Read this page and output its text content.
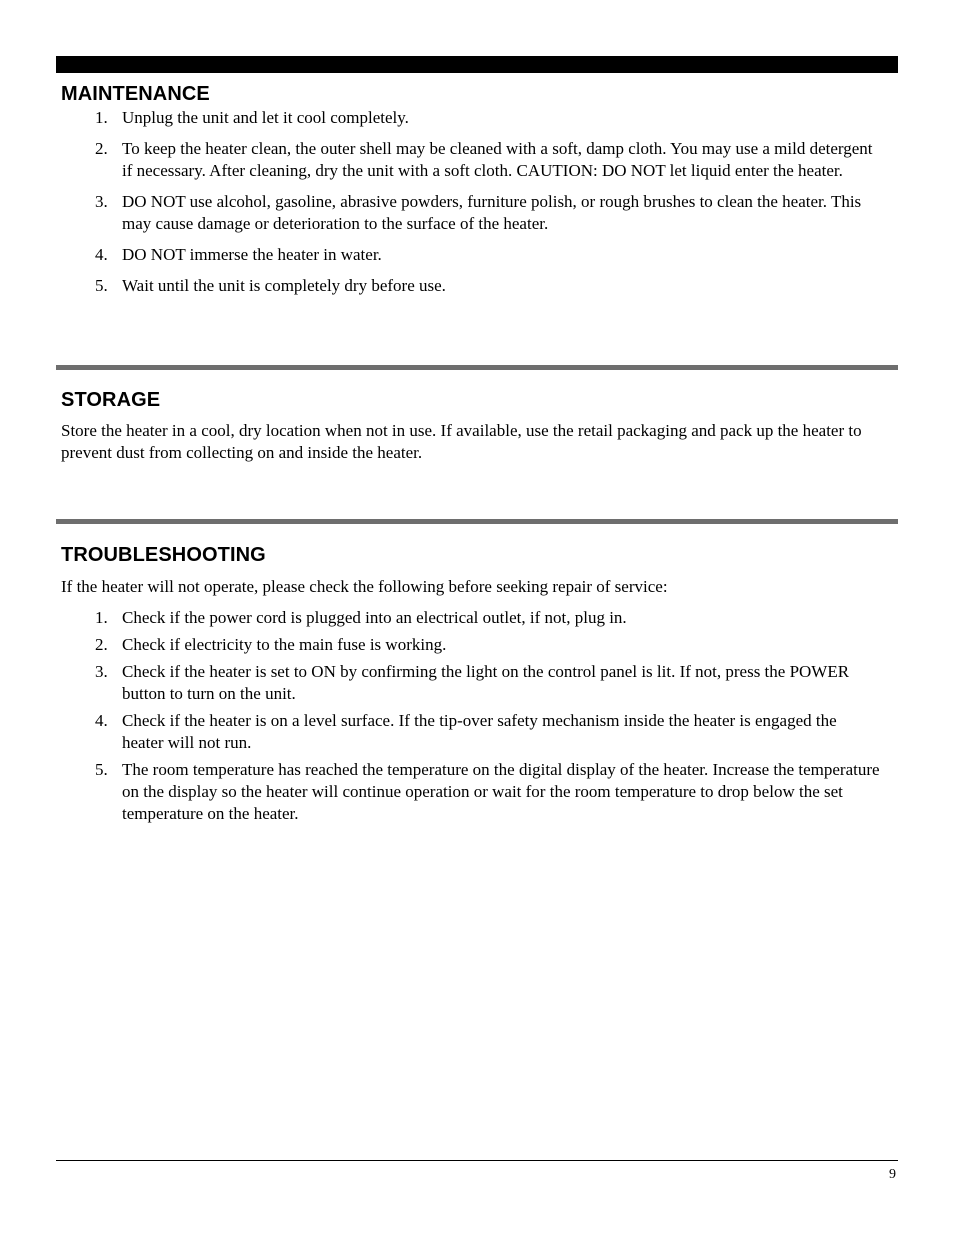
MAINTENANCE
1. Unplug the unit and let it cool completely.
2. To keep the heater clean, the outer shell may be cleaned with a soft, damp cloth. You may use a mild detergent if necessary. After cleaning, dry the unit with a soft cloth. CAUTION: DO NOT let liquid enter the heater.
3. DO NOT use alcohol, gasoline, abrasive powders, furniture polish, or rough brushes to clean the heater. This may cause damage or deterioration to the surface of the heater.
4. DO NOT immerse the heater in water.
5. Wait until the unit is completely dry before use.
STORAGE

Store the heater in a cool, dry location when not in use. If available, use the retail packaging and pack up the heater to prevent dust from collecting on and inside the heater.

TROUBLESHOOTING

If the heater will not operate, please check the following before seeking repair of service:

1. Check if the power cord is plugged into an electrical outlet, if not, plug in.
2. Check if electricity to the main fuse is working.
3. Check if the heater is set to ON by confirming the light on the control panel is lit. If not, press the POWER button to turn on the unit.
4. Check if the heater is on a level surface. If the tip-over safety mechanism inside the heater is engaged the heater will not run.
5. The room temperature has reached the temperature on the digital display of the heater. Increase the temperature on the display so the heater will continue operation or wait for the room temperature to drop below the set temperature on the heater.
9
